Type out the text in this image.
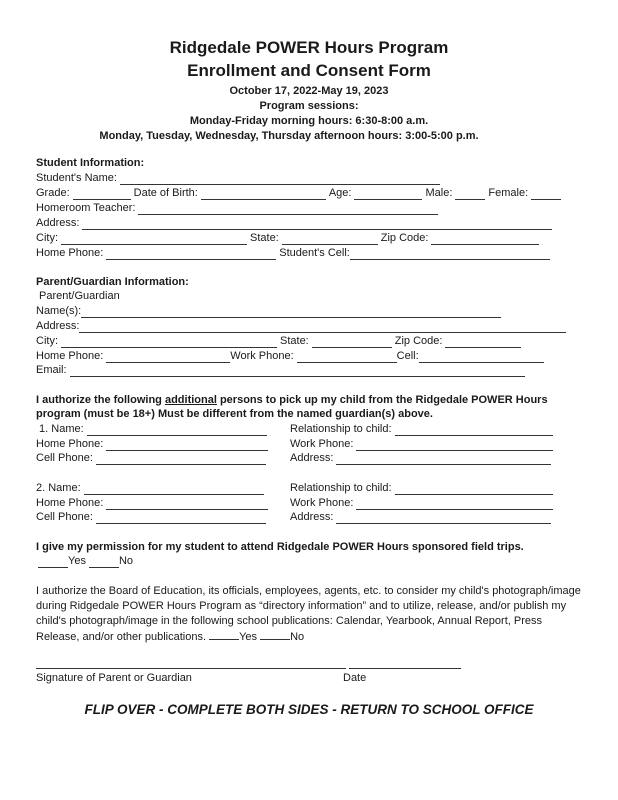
Ridgedale POWER Hours Program
Enrollment and Consent Form
October 17, 2022-May 19, 2023
Program sessions:
Monday-Friday morning hours: 6:30-8:00 a.m.
Monday, Tuesday, Wednesday, Thursday afternoon hours: 3:00-5:00 p.m.
Student Information:
Student's Name:
Grade:	Date of Birth:	Age:	Male:	Female:
Homeroom Teacher:
Address:
City:	State:	Zip Code:
Home Phone:	Student's Cell:
Parent/Guardian Information:
Parent/Guardian
Name(s):
Address:
City:	State:	Zip Code:
Home Phone:	Work Phone:	Cell:
Email:
I authorize the following additional persons to pick up my child from the Ridgedale POWER Hours
program (must be 18+) Must be different from the named guardian(s) above.
1. Name:	Relationship to child:
Home Phone:	Work Phone:
Cell Phone:	Address:
2. Name:	Relationship to child:
Home Phone:	Work Phone:
Cell Phone:	Address:
I give my permission for my student to attend Ridgedale POWER Hours sponsored field trips.
Yes	No
I authorize the Board of Education, its officials, employees, agents, etc. to consider my child's photograph/image during Ridgedale POWER Hours Program as “directory information” and to utilize, release, and/or publish my child's photograph/image in the following school publications: Calendar, Yearbook, Annual Report, Press Release, and/or other publications.	Yes	No
Signature of Parent or Guardian	Date
FLIP OVER - COMPLETE BOTH SIDES - RETURN TO SCHOOL OFFICE
